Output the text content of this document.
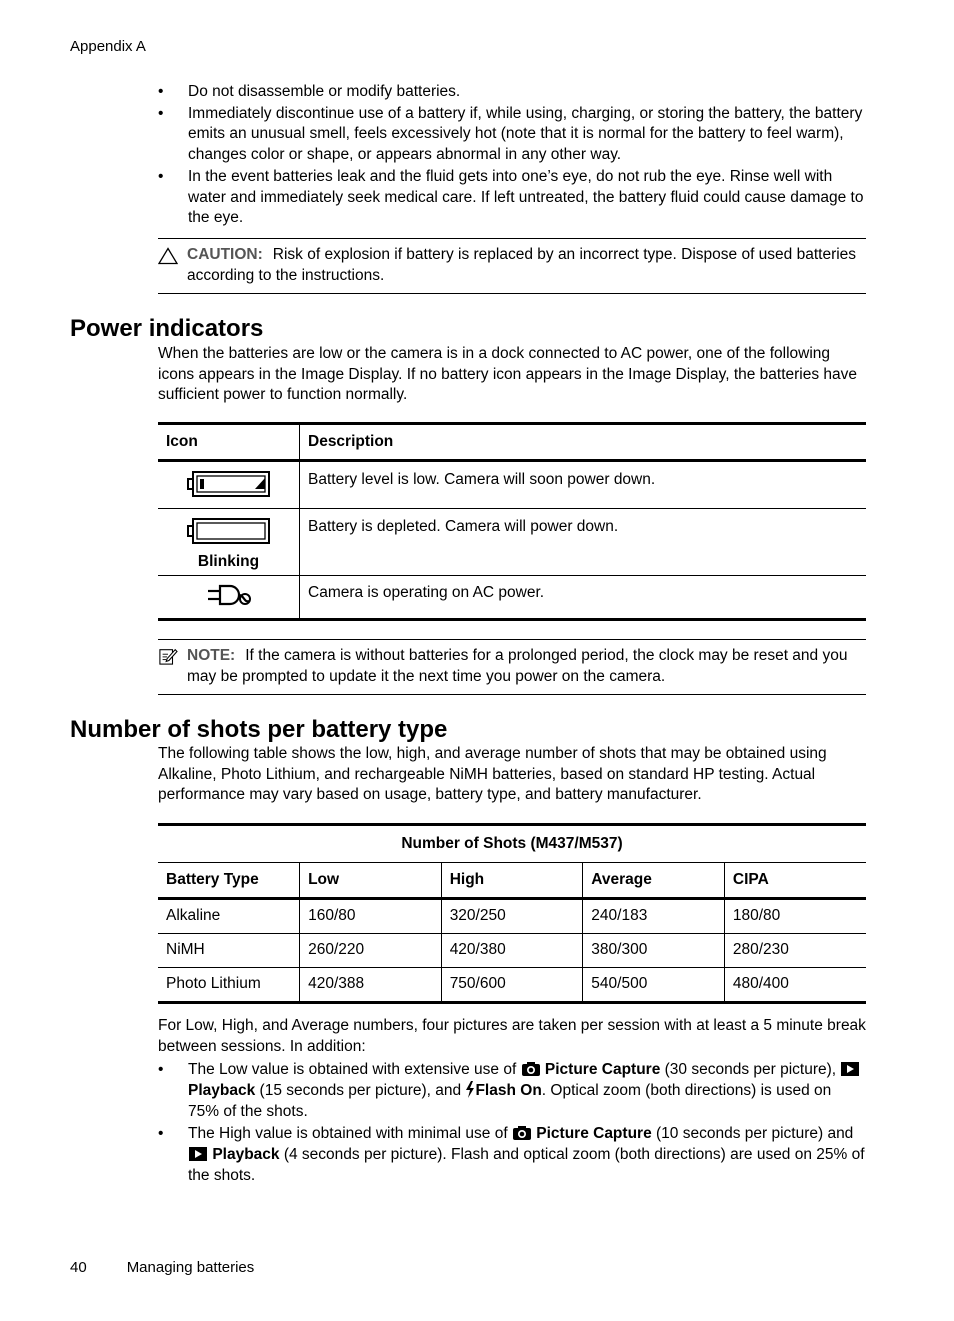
Appendix A
• Do not disassemble or modify batteries.
• Immediately discontinue use of a battery if, while using, charging, or storing the battery, the battery emits an unusual smell, feels excessively hot (note that it is normal for the battery to feel warm), changes color or shape, or appears abnormal in any other way.
• In the event batteries leak and the fluid gets into one’s eye, do not rub the eye. Rinse well with water and immediately seek medical care. If left untreated, the battery fluid could cause damage to the eye.
CAUTION: Risk of explosion if battery is replaced by an incorrect type. Dispose of used batteries according to the instructions.
Power indicators
When the batteries are low or the camera is in a dock connected to AC power, one of the following icons appears in the Image Display. If no battery icon appears in the Image Display, the batteries have sufficient power to function normally.
Icon	Description
	Battery level is low. Camera will soon power down.

Blinking	Battery is depleted. Camera will power down.
	Camera is operating on AC power.
NOTE: If the camera is without batteries for a prolonged period, the clock may be reset and you may be prompted to update it the next time you power on the camera.
Number of shots per battery type
The following table shows the low, high, and average number of shots that may be obtained using Alkaline, Photo Lithium, and rechargeable NiMH batteries, based on standard HP testing. Actual performance may vary based on usage, battery type, and battery manufacturer.
Number of Shots (M437/M537)				
Battery Type	Low	High	Average	CIPA
Alkaline	160/80	320/250	240/183	180/80
NiMH	260/220	420/380	380/300	280/230
Photo Lithium	420/388	750/600	540/500	480/400
For Low, High, and Average numbers, four pictures are taken per session with at least a 5 minute break between sessions. In addition:
• The Low value is obtained with extensive use of Picture Capture (30 seconds per picture),  Playback (15 seconds per picture), and Flash On. Optical zoom (both directions) is used on 75% of the shots.
• The High value is obtained with minimal use of Picture Capture (10 seconds per picture) and  Playback (4 seconds per picture). Flash and optical zoom (both directions) are used on 25% of the shots.
40	Managing batteries
